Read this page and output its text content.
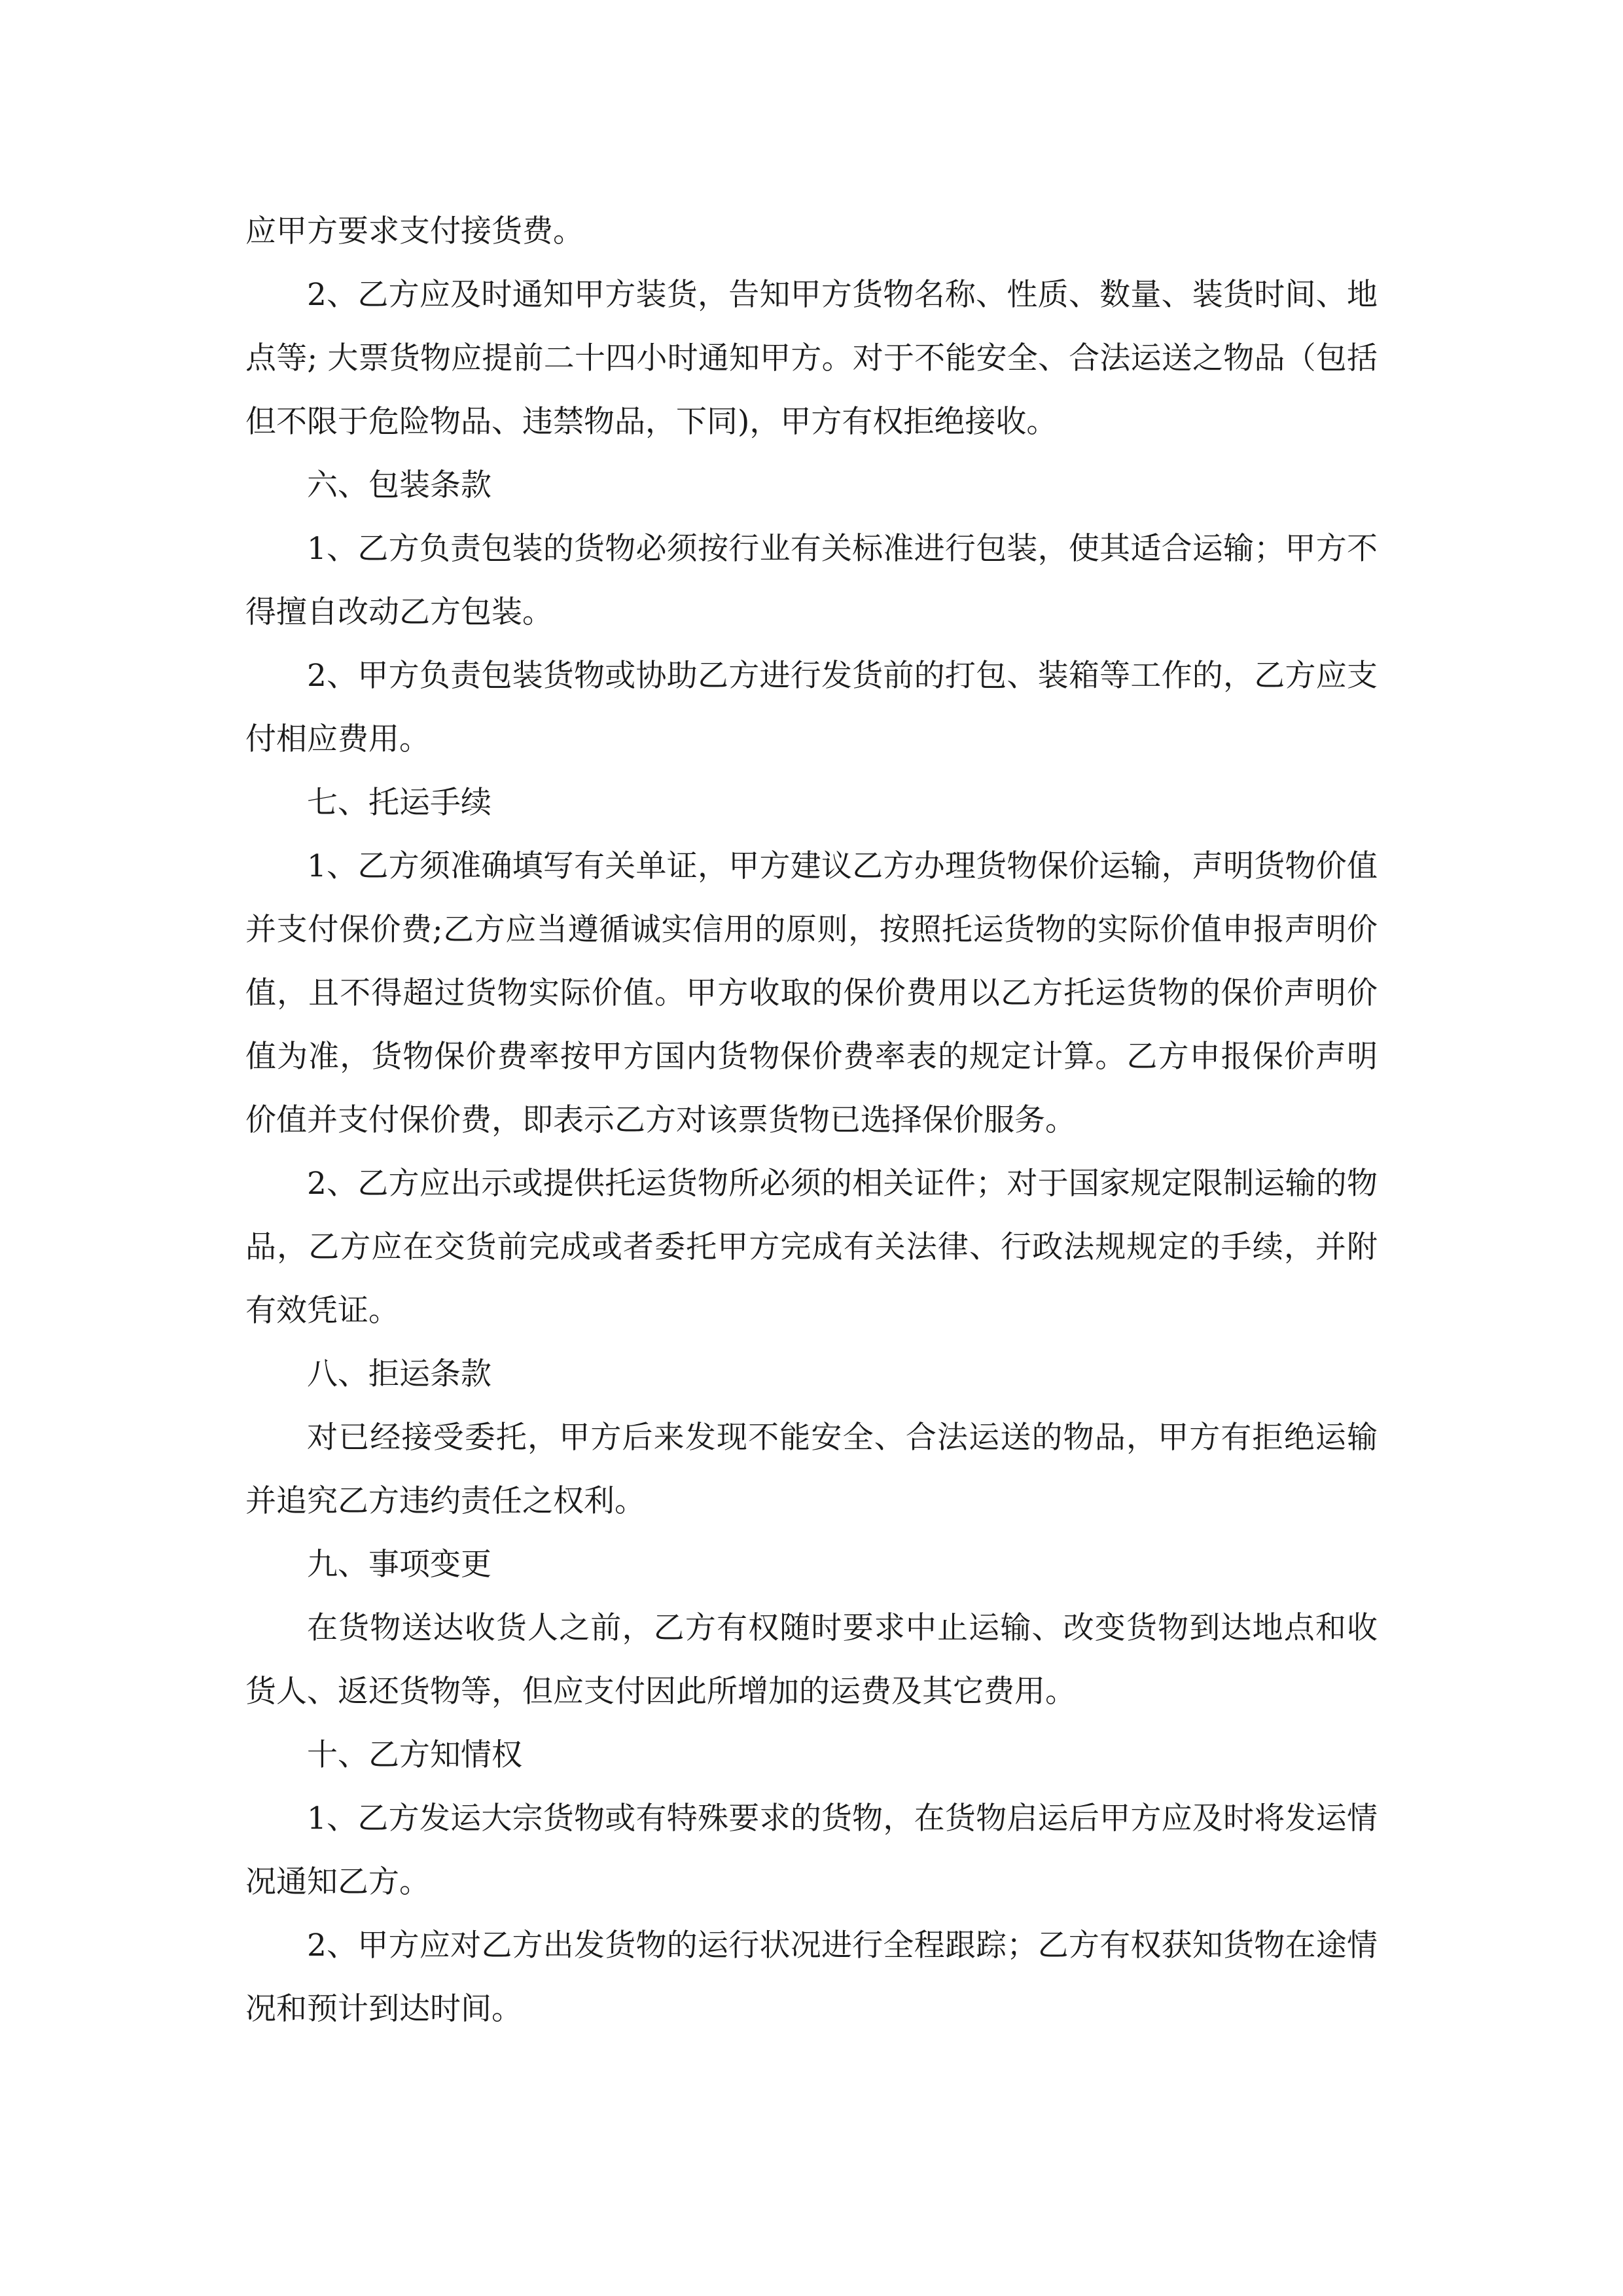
应甲方要求支付接货费。

2、乙方应及时通知甲方装货，告知甲方货物名称、性质、数量、装货时间、地点等; 大票货物应提前二十四小时通知甲方。对于不能安全、合法运送之物品（包括但不限于危险物品、违禁物品，下同)，甲方有权拒绝接收。

六、包装条款

1、乙方负责包装的货物必须按行业有关标准进行包装，使其适合运输；甲方不得擅自改动乙方包装。

2、甲方负责包装货物或协助乙方进行发货前的打包、装箱等工作的，乙方应支付相应费用。

七、托运手续

1、乙方须准确填写有关单证，甲方建议乙方办理货物保价运输，声明货物价值并支付保价费;乙方应当遵循诚实信用的原则，按照托运货物的实际价值申报声明价值，且不得超过货物实际价值。甲方收取的保价费用以乙方托运货物的保价声明价值为准，货物保价费率按甲方国内货物保价费率表的规定计算。乙方申报保价声明价值并支付保价费，即表示乙方对该票货物已选择保价服务。

2、乙方应出示或提供托运货物所必须的相关证件；对于国家规定限制运输的物品，乙方应在交货前完成或者委托甲方完成有关法律、行政法规规定的手续，并附有效凭证。

八、拒运条款

对已经接受委托，甲方后来发现不能安全、合法运送的物品，甲方有拒绝运输并追究乙方违约责任之权利。

九、事项变更

在货物送达收货人之前，乙方有权随时要求中止运输、改变货物到达地点和收货人、返还货物等，但应支付因此所增加的运费及其它费用。

十、乙方知情权

1、乙方发运大宗货物或有特殊要求的货物，在货物启运后甲方应及时将发运情况通知乙方。

2、甲方应对乙方出发货物的运行状况进行全程跟踪；乙方有权获知货物在途情况和预计到达时间。
